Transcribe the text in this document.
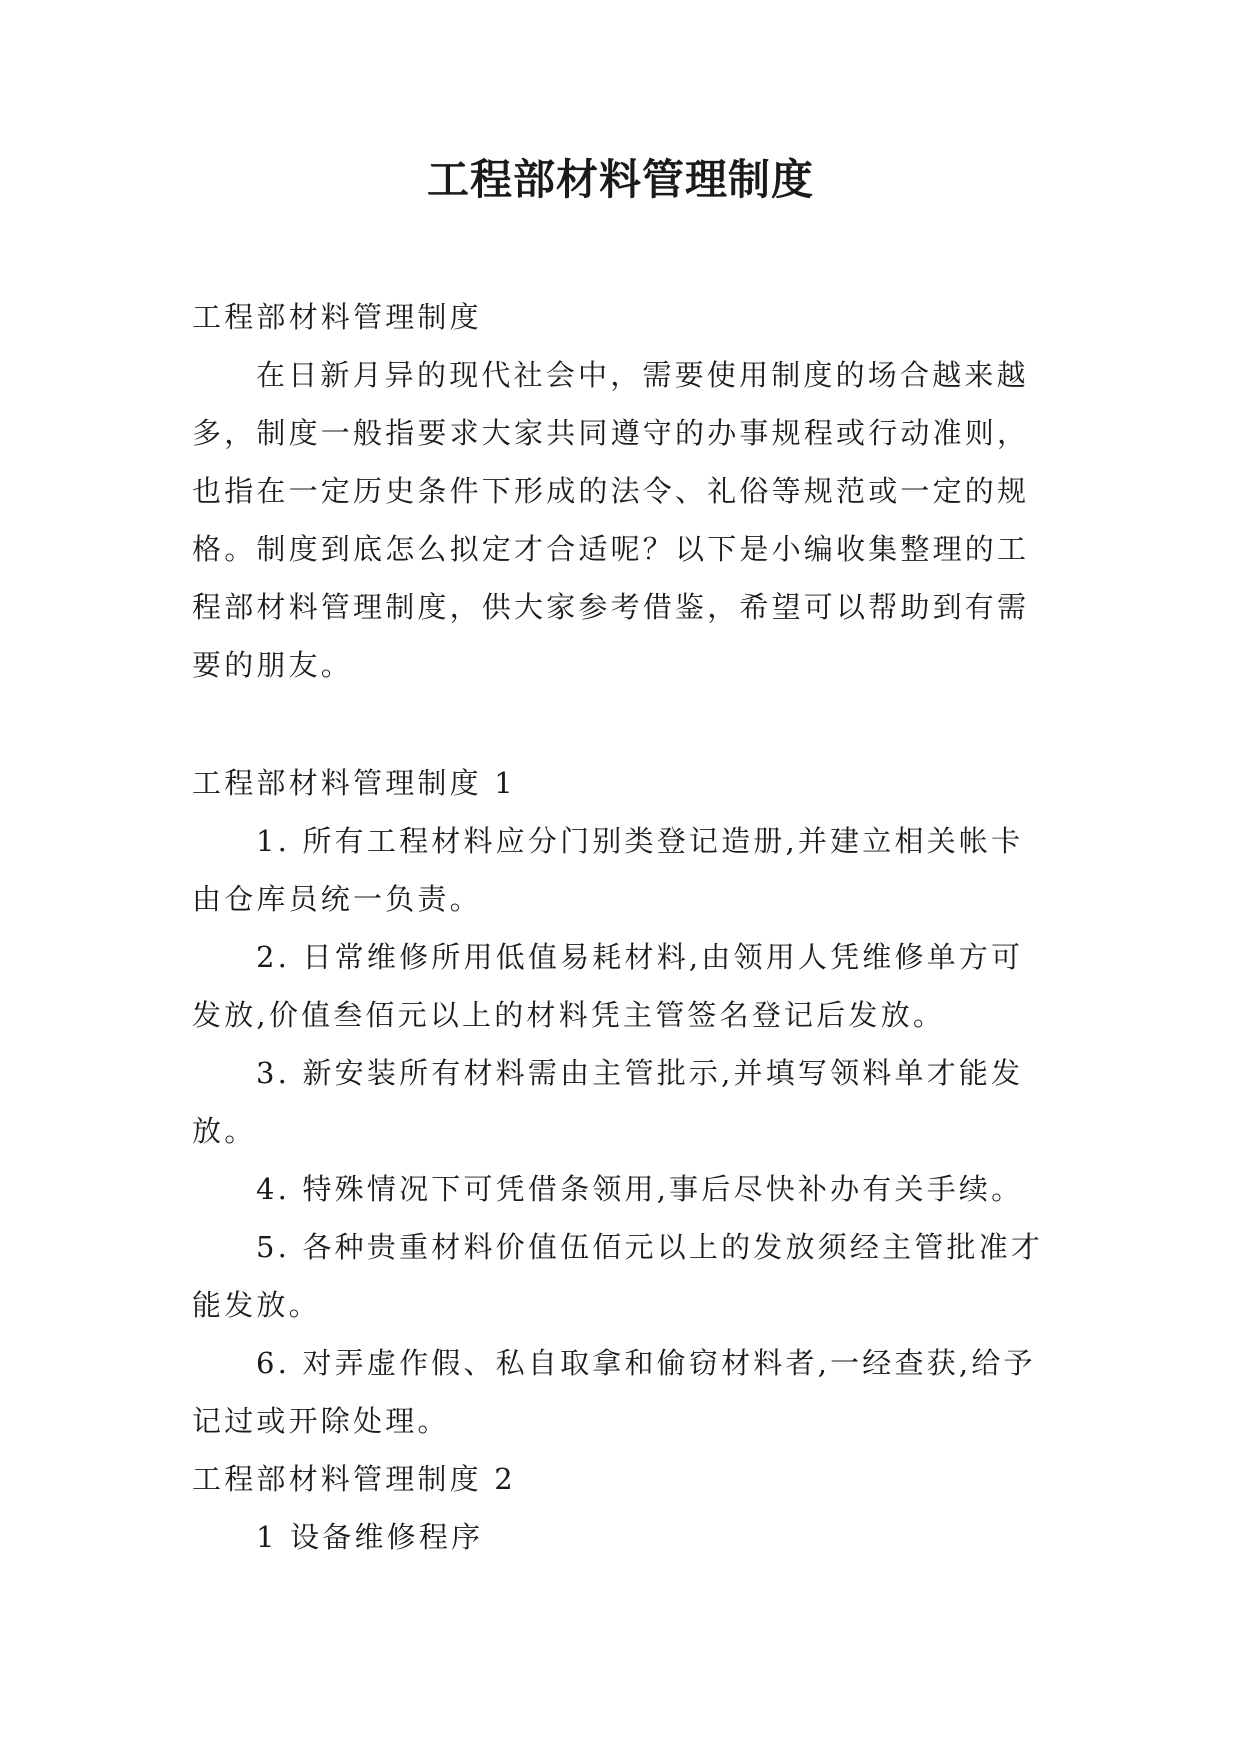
工程部材料管理制度

工程部材料管理制度

在日新月异的现代社会中，需要使用制度的场合越来越多，制度一般指要求大家共同遵守的办事规程或行动准则，也指在一定历史条件下形成的法令、礼俗等规范或一定的规格。制度到底怎么拟定才合适呢？以下是小编收集整理的工程部材料管理制度，供大家参考借鉴，希望可以帮助到有需要的朋友。

工程部材料管理制度 1

1. 所有工程材料应分门别类登记造册,并建立相关帐卡由仓库员统一负责。

2. 日常维修所用低值易耗材料,由领用人凭维修单方可发放,价值叁佰元以上的材料凭主管签名登记后发放。

3. 新安装所有材料需由主管批示,并填写领料单才能发放。

4. 特殊情况下可凭借条领用,事后尽快补办有关手续。

5. 各种贵重材料价值伍佰元以上的发放须经主管批准才能发放。

6. 对弄虚作假、私自取拿和偷窃材料者,一经查获,给予记过或开除处理。

工程部材料管理制度 2

1 设备维修程序
